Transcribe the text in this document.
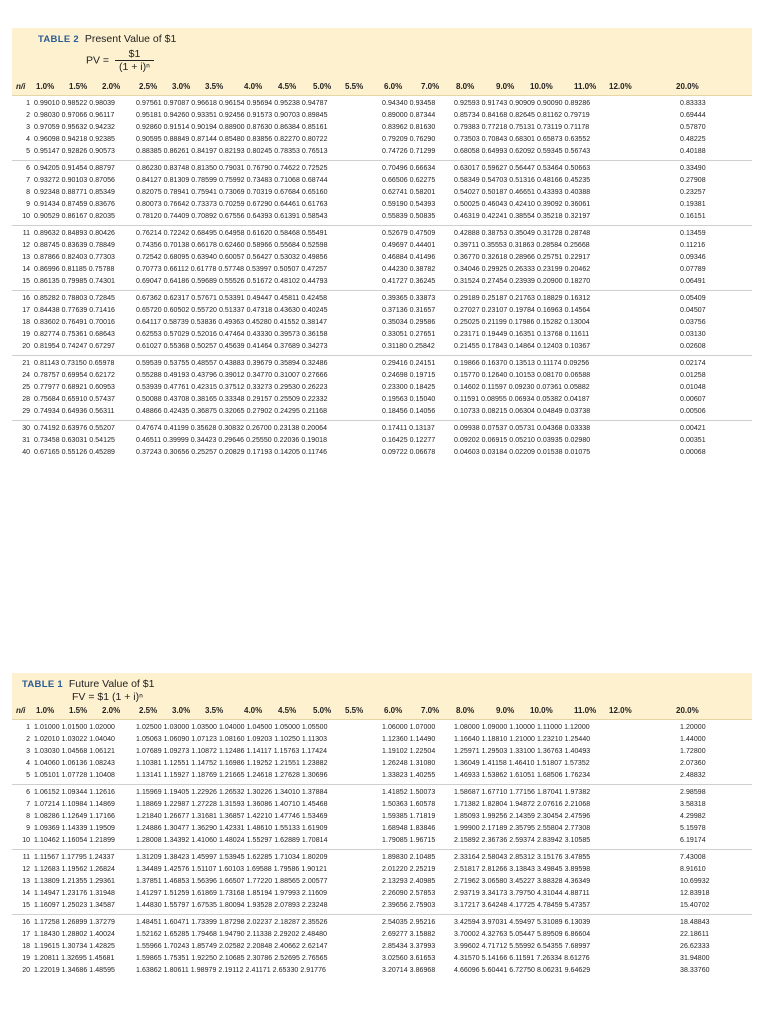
TABLE 2 Present Value of $1
PV = $\frac{\$1}{\text{(1 + i)ⁿ}}$
n/i 1.0% 1.5% 2.0% 2.5% 3.0% 3.5%	4.0% 4.5% 5.0% 5.5%	6.0% 7.0% 8.0%	9.0% 10.0%	11.0% 12.0%	20.0%
1 0.99010 0.98522 0.98039	0.97561 0.97087 0.96618 0.96154 0.95694 0.95238 0.94787	0.94340 0.93458	0.92593 0.91743 0.90909 0.90090 0.89286	0.83333
2 0.98030 0.97066 0.96117	0.95181 0.94260 0.93351 0.92456 0.91573 0.90703 0.89845	0.89000 0.87344	0.85734 0.84168 0.82645 0.81162 0.79719	0.69444
3 0.97059 0.95632 0.94232	0.92860 0.91514 0.90194 0.88900 0.87630 0.86384 0.85161	0.83962 0.81630	0.79383 0.77218 0.75131 0.73119 0.71178	0.57870
4 0.96098 0.94218 0.92385	0.90595 0.88849 0.87144 0.85480 0.83856 0.82270 0.80722	0.79209 0.76290	0.73503 0.70843 0.68301 0.65873 0.63552	0.48225
5 0.95147 0.92826 0.90573	0.88385 0.86261 0.84197 0.82193 0.80245 0.78353 0.76513	0.74726 0.71299	0.68058 0.64993 0.62092 0.59345 0.56743	0.40188
6 0.94205 0.91454 0.88797	0.86230 0.83748 0.81350 0.79031 0.76790 0.74622 0.72525	0.70496 0.66634	0.63017 0.59627 0.56447 0.53464 0.50663	0.33490
7 0.93272 0.90103 0.87056	0.84127 0.81309 0.78599 0.75992 0.73483 0.71068 0.68744	0.66506 0.62275	0.58349 0.54703 0.51316 0.48166 0.45235	0.27908
8 0.92348 0.88771 0.85349	0.82075 0.78941 0.75941 0.73069 0.70319 0.67684 0.65160	0.62741 0.58201	0.54027 0.50187 0.46651 0.43393 0.40388	0.23257
9 0.91434 0.87459 0.83676	0.80073 0.76642 0.73373 0.70259 0.67290 0.64461 0.61763	0.59190 0.54393	0.50025 0.46043 0.42410 0.39092 0.36061	0.19381
10 0.90529 0.86167 0.82035	0.78120 0.74409 0.70892 0.67556 0.64393 0.61391 0.58543	0.55839 0.50835	0.46319 0.42241 0.38554 0.35218 0.32197	0.16151
11 0.89632 0.84893 0.80426	0.76214 0.72242 0.68495 0.64958 0.61620 0.58468 0.55491	0.52679 0.47509	0.42888 0.38753 0.35049 0.31728 0.28748	0.13459
12 0.88745 0.83639 0.78849	0.74356 0.70138 0.66178 0.62460 0.58966 0.55684 0.52598	0.49697 0.44401	0.39711 0.35553 0.31863 0.28584 0.25668	0.11216
13 0.87866 0.82403 0.77303	0.72542 0.68095 0.63940 0.60057 0.56427 0.53032 0.49856	0.46884 0.41496	0.36770 0.32618 0.28966 0.25751 0.22917	0.09346
14 0.86996 0.81185 0.75788	0.70773 0.66112 0.61778 0.57748 0.53997 0.50507 0.47257	0.44230 0.38782	0.34046 0.29925 0.26333 0.23199 0.20462	0.07789
15 0.86135 0.79985 0.74301	0.69047 0.64186 0.59689 0.55526 0.51672 0.48102 0.44793	0.41727 0.36245	0.31524 0.27454 0.23939 0.20900 0.18270	0.06491
16 0.85282 0.78803 0.72845	0.67362 0.62317 0.57671 0.53391 0.49447 0.45811 0.42458	0.39365 0.33873	0.29189 0.25187 0.21763 0.18829 0.16312	0.05409
17 0.84438 0.77639 0.71416	0.65720 0.60502 0.55720 0.51337 0.47318 0.43630 0.40245	0.37136 0.31657	0.27027 0.23107 0.19784 0.16963 0.14564	0.04507
18 0.83602 0.76491 0.70016	0.64117 0.58739 0.53836 0.49363 0.45280 0.41552 0.38147	0.35034 0.29586	0.25025 0.21199 0.17986 0.15282 0.13004	0.03756
19 0.82774 0.75361 0.68643	0.62553 0.57029 0.52016 0.47464 0.43330 0.39573 0.36158	0.33051 0.27651	0.23171 0.19449 0.16351 0.13768 0.11611	0.03130
20 0.81954 0.74247 0.67297	0.61027 0.55368 0.50257 0.45639 0.41464 0.37689 0.34273	0.31180 0.25842	0.21455 0.17843 0.14864 0.12403 0.10367	0.02608
21 0.81143 0.73150 0.65978	0.59539 0.53755 0.48557 0.43883 0.39679 0.35894 0.32486	0.29416 0.24151	0.19866 0.16370 0.13513 0.11174 0.09256	0.02174
24 0.78757 0.69954 0.62172	0.55288 0.49193 0.43796 0.39012 0.34770 0.31007 0.27666	0.24698 0.19715	0.15770 0.12640 0.10153 0.08170 0.06588	0.01258
25 0.77977 0.68921 0.60953	0.53939 0.47761 0.42315 0.37512 0.33273 0.29530 0.26223	0.23300 0.18425	0.14602 0.11597 0.09230 0.07361 0.05882	0.01048
28 0.75684 0.65910 0.57437	0.50088 0.43708 0.38165 0.33348 0.29157 0.25509 0.22332	0.19563 0.15040	0.11591 0.08955 0.06934 0.05382 0.04187	0.00607
29 0.74934 0.64936 0.56311	0.48866 0.42435 0.36875 0.32065 0.27902 0.24295 0.21168	0.18456 0.14056	0.10733 0.08215 0.06304 0.04849 0.03738	0.00506
30 0.74192 0.63976 0.55207	0.47674 0.41199 0.35628 0.30832 0.26700 0.23138 0.20064	0.17411 0.13137	0.09938 0.07537 0.05731 0.04368 0.03338	0.00421
31 0.73458 0.63031 0.54125	0.46511 0.39999 0.34423 0.29646 0.25550 0.22036 0.19018	0.16425 0.12277	0.09202 0.06915 0.05210 0.03935 0.02980	0.00351
40 0.67165 0.55126 0.45289	0.37243 0.30656 0.25257 0.20829 0.17193 0.14205 0.11746	0.09722 0.06678	0.04603 0.03184 0.02209 0.01538 0.01075	0.00068
TABLE 1 Future Value of $1
FV = $1 (1 + i)ⁿ
n/i 1.0% 1.5% 2.0% 2.5% 3.0% 3.5%	4.0% 4.5% 5.0% 5.5%	6.0% 7.0% 8.0%	9.0% 10.0%	11.0% 12.0%	20.0%
1 1.01000 1.01500 1.02000	1.02500 1.03000 1.03500 1.04000 1.04500 1.05000 1.05500	1.06000 1.07000	1.08000 1.09000 1.10000 1.11000 1.12000	1.20000
2 1.02010 1.03022 1.04040	1.05063 1.06090 1.07123 1.08160 1.09203 1.10250 1.11303	1.12360 1.14490	1.16640 1.18810 1.21000 1.23210 1.25440	1.44000
3 1.03030 1.04568 1.06121	1.07689 1.09273 1.10872 1.12486 1.14117 1.15763 1.17424	1.19102 1.22504	1.25971 1.29503 1.33100 1.36763 1.40493	1.72800
4 1.04060 1.06136 1.08243	1.10381 1.12551 1.14752 1.16986 1.19252 1.21551 1.23882	1.26248 1.31080	1.36049 1.41158 1.46410 1.51807 1.57352	2.07360
5 1.05101 1.07728 1.10408	1.13141 1.15927 1.18769 1.21665 1.24618 1.27628 1.30696	1.33823 1.40255	1.46933 1.53862 1.61051 1.68506 1.76234	2.48832
6 1.06152 1.09344 1.12616	1.15969 1.19405 1.22926 1.26532 1.30226 1.34010 1.37884	1.41852 1.50073	1.58687 1.67710 1.77156 1.87041 1.97382	2.98598
7 1.07214 1.10984 1.14869	1.18869 1.22987 1.27228 1.31593 1.36086 1.40710 1.45468	1.50363 1.60578	1.71382 1.82804 1.94872 2.07616 2.21068	3.58318
8 1.08286 1.12649 1.17166	1.21840 1.26677 1.31681 1.36857 1.42210 1.47746 1.53469	1.59385 1.71819	1.85093 1.99256 2.14359 2.30454 2.47596	4.29982
9 1.09369 1.14339 1.19509	1.24886 1.30477 1.36290 1.42331 1.48610 1.55133 1.61909	1.68948 1.83846	1.99900 2.17189 2.35795 2.55804 2.77308	5.15978
10 1.10462 1.16054 1.21899	1.28008 1.34392 1.41060 1.48024 1.55297 1.62889 1.70814	1.79085 1.96715	2.15892 2.36736 2.59374 2.83942 3.10585	6.19174
11 1.11567 1.17795 1.24337	1.31209 1.38423 1.45997 1.53945 1.62285 1.71034 1.80209	1.89830 2.10485	2.33164 2.58043 2.85312 3.15176 3.47855	7.43008
12 1.12683 1.19562 1.26824	1.34489 1.42576 1.51107 1.60103 1.69588 1.79586 1.90121	2.01220 2.25219	2.51817 2.81266 3.13843 3.49845 3.89598	8.91610
13 1.13809 1.21355 1.29361	1.37851 1.46853 1.56396 1.66507 1.77220 1.88565 2.00577	2.13293 2.40985	2.71962 3.06580 3.45227 3.88328 4.36349	10.69932
14 1.14947 1.23176 1.31948	1.41297 1.51259 1.61869 1.73168 1.85194 1.97993 2.11609	2.26090 2.57853	2.93719 3.34173 3.79750 4.31044 4.88711	12.83918
15 1.16097 1.25023 1.34587	1.44830 1.55797 1.67535 1.80094 1.93528 2.07893 2.23248	2.39656 2.75903	3.17217 3.64248 4.17725 4.78459 5.47357	15.40702
16 1.17258 1.26899 1.37279	1.48451 1.60471 1.73399 1.87298 2.02237 2.18287 2.35526	2.54035 2.95216	3.42594 3.97031 4.59497 5.31089 6.13039	18.48843
17 1.18430 1.28802 1.40024	1.52162 1.65285 1.79468 1.94790 2.11338 2.29202 2.48480	2.69277 3.15882	3.70002 4.32763 5.05447 5.89509 6.86604	22.18611
18 1.19615 1.30734 1.42825	1.55966 1.70243 1.85749 2.02582 2.20848 2.40662 2.62147	2.85434 3.37993	3.99602 4.71712 5.55992 6.54355 7.68997	26.62333
19 1.20811 1.32695 1.45681	1.59865 1.75351 1.92250 2.10685 2.30786 2.52695 2.76565	3.02560 3.61653	4.31570 5.14166 6.11591 7.26334 8.61276	31.94800
20 1.22019 1.34686 1.48595	1.63862 1.80611 1.98979 2.19112 2.41171 2.65330 2.91776	3.20714 3.86968	4.66096 5.60441 6.72750 8.06231 9.64629	38.33760
